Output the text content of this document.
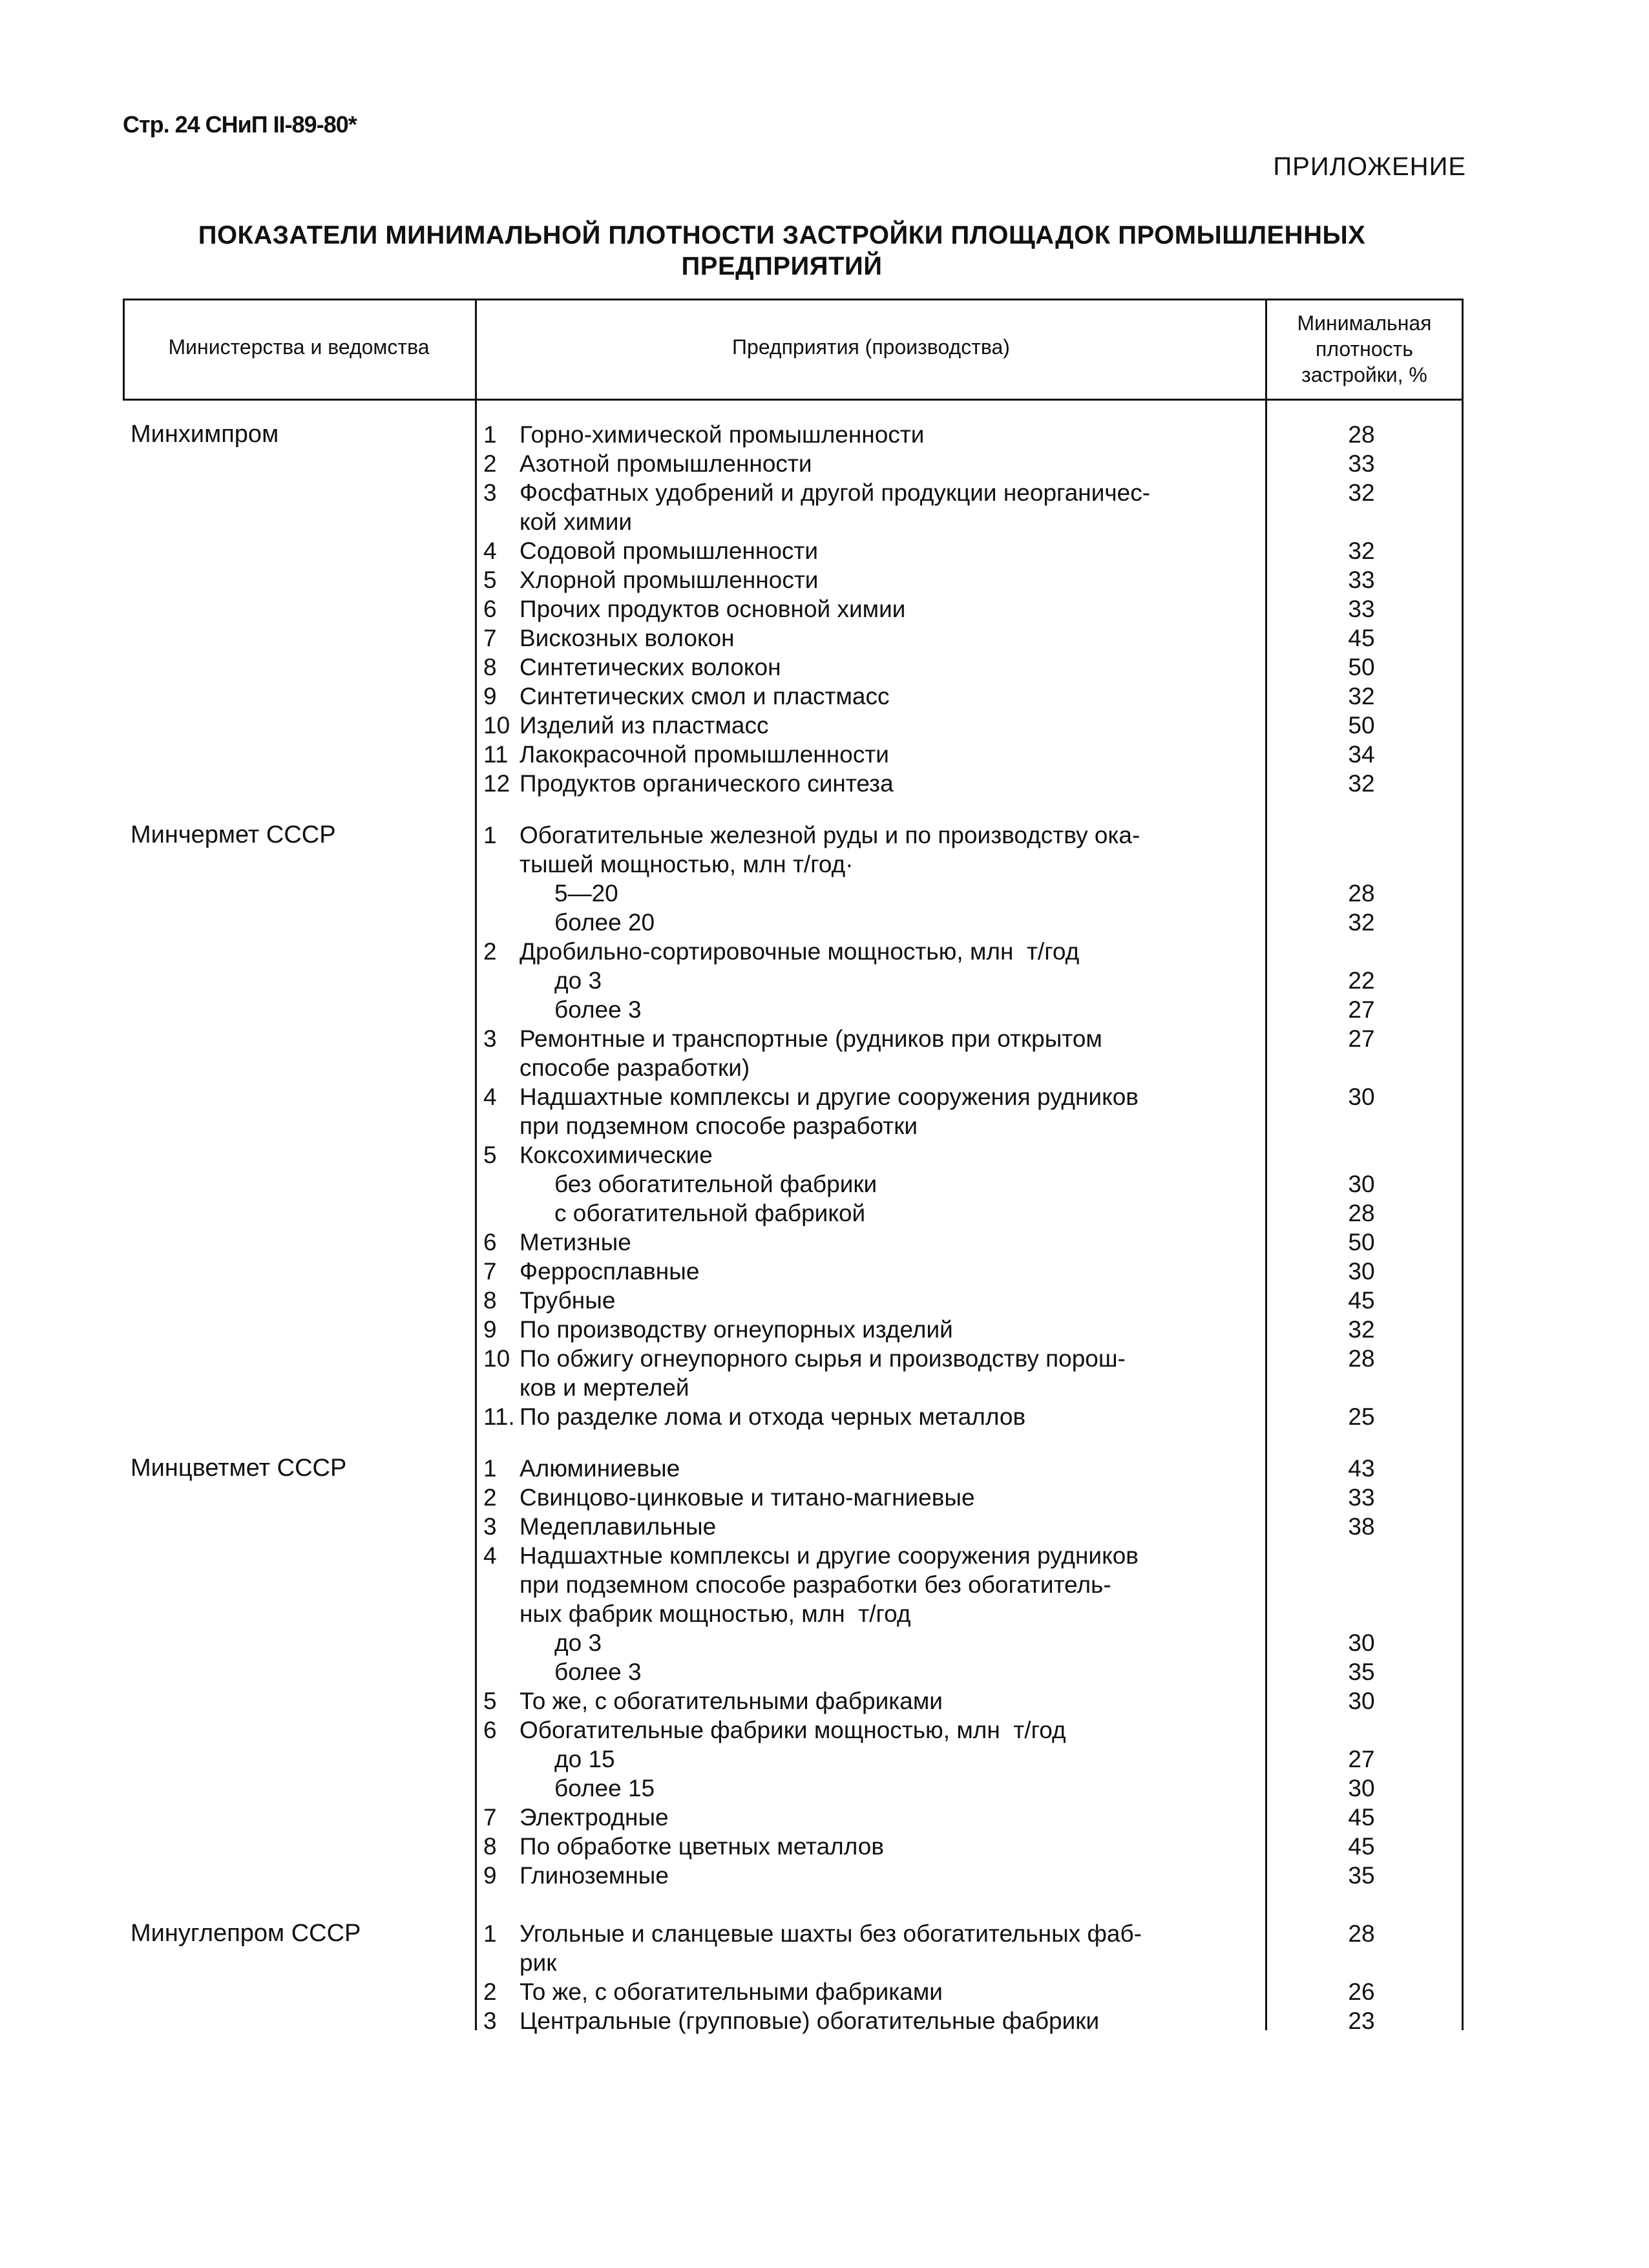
Стр. 24 СНиП II-89-80*
ПРИЛОЖЕНИЕ
ПОКАЗАТЕЛИ МИНИМАЛЬНОЙ ПЛОТНОСТИ ЗАСТРОЙКИ ПЛОЩАДОК ПРОМЫШЛЕННЫХ
ПРЕДПРИЯТИЙ
Министерства и ведомства	Предприятия (производства)
Минимальная
плотность
застройки, %
Минхимпром	1 Горно-химической промышленности	28
2 Азотной промышленности	33
3 Фосфатных удобрений и другой продукции неорганичес-	32
кой химии
4 Содовой промышленности	32
5 Хлорной промышленности	33
6 Прочих продуктов основной химии	33
7 Вискозных волокон	45
8 Синтетических волокон	50
9 Синтетических смол и пластмасс	32
10 Изделий из пластмасс	50
11 Лакокрасочной промышленности	34
12 Продуктов органического синтеза	32
Минчермет СССР	1 Обогатительные железной руды и по производству ока-
тышей мощностью, млн т/год·
5—20	28
более 20	32
2 Дробильно-сортировочные мощностью, млн  т/год
до 3	22
более 3	27
3 Ремонтные и транспортные (рудников при открытом	27
способе разработки)
4 Надшахтные комплексы и другие сооружения рудников	30
при подземном способе разработки
5 Коксохимические
без обогатительной фабрики	30
с обогатительной фабрикой	28
6 Метизные	50
7 Ферросплавные	30
8 Трубные	45
9 По производству огнеупорных изделий	32
10 По обжигу огнеупорного сырья и производству порош-	28
ков и мертелей
11. По разделке лома и отхода черных металлов	25
Минцветмет СССР	1 Алюминиевые	43
2 Свинцово-цинковые и титано-магниевые	33
3 Медеплавильные	38
4 Надшахтные комплексы и другие сооружения рудников
при подземном способе разработки без обогатитель-
ных фабрик мощностью, млн  т/год
до 3	30
более 3	35
5 То же, с обогатительными фабриками	30
6 Обогатительные фабрики мощностью, млн  т/год
до 15	27
более 15	30
7 Электродные	45
8 По обработке цветных металлов	45
9 Глиноземные	35
Минуглепром СССР	1 Угольные и сланцевые шахты без обогатительных фаб-	28
рик
2 То же, с обогатительными фабриками	26
3 Центральные (групповые) обогатительные фабрики	23
